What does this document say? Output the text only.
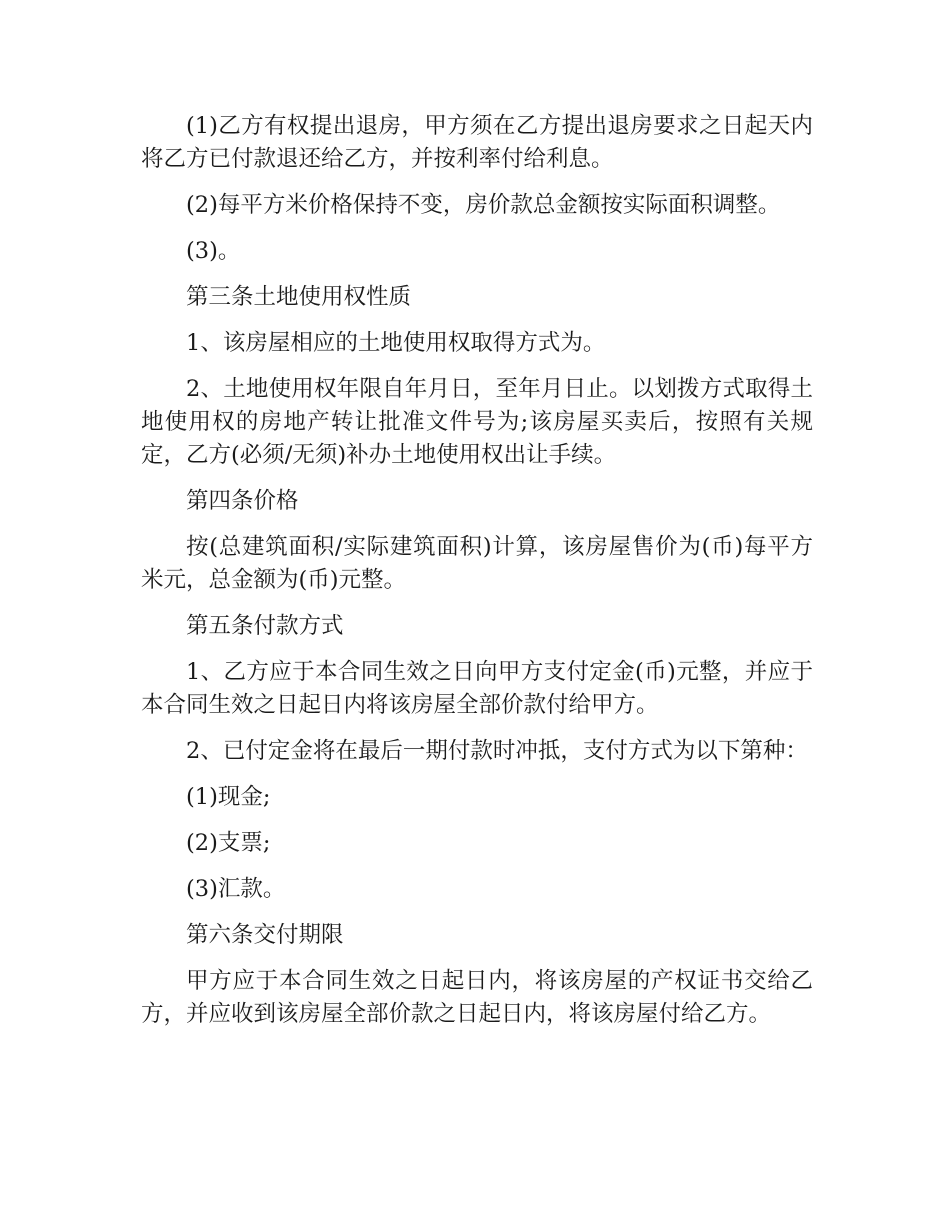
(1)乙方有权提出退房，甲方须在乙方提出退房要求之日起天内将乙方已付款退还给乙方，并按利率付给利息。

(2)每平方米价格保持不变，房价款总金额按实际面积调整。

(3)。

第三条土地使用权性质

1、该房屋相应的土地使用权取得方式为。

2、土地使用权年限自年月日，至年月日止。以划拨方式取得土地使用权的房地产转让批准文件号为;该房屋买卖后，按照有关规定，乙方(必须/无须)补办土地使用权出让手续。

第四条价格

按(总建筑面积/实际建筑面积)计算，该房屋售价为(币)每平方米元，总金额为(币)元整。

第五条付款方式

1、乙方应于本合同生效之日向甲方支付定金(币)元整，并应于本合同生效之日起日内将该房屋全部价款付给甲方。

2、已付定金将在最后一期付款时冲抵，支付方式为以下第种：

(1)现金;

(2)支票;

(3)汇款。

第六条交付期限

甲方应于本合同生效之日起日内，将该房屋的产权证书交给乙方，并应收到该房屋全部价款之日起日内，将该房屋付给乙方。
